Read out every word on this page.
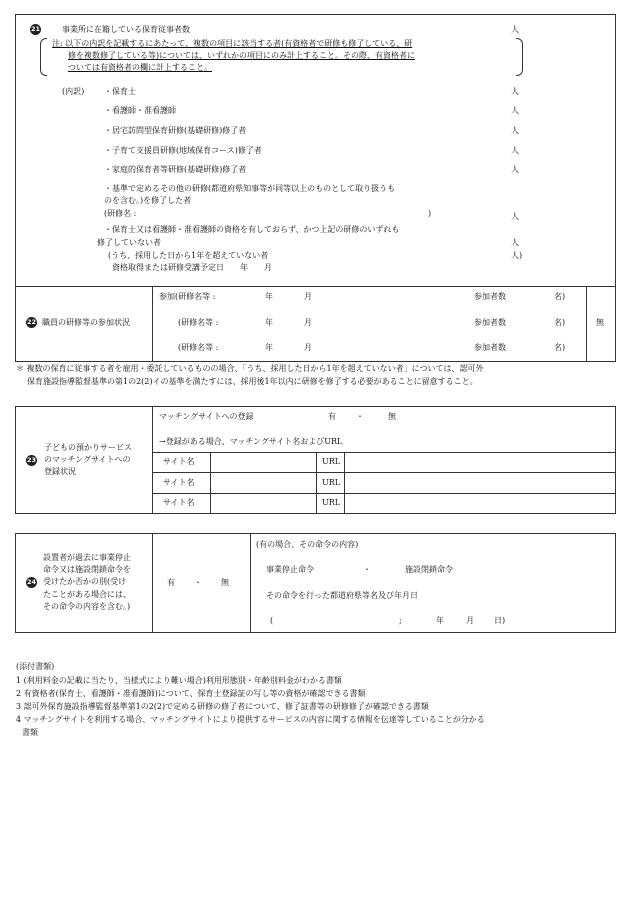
21	事業所に在籍している保育従事者数	人
注: 以下の内訳を記載するにあたって、複数の項目に該当する者(有資格者で研修も修了している、研
修を複数修了している等)については、いずれかの項目にのみ計上すること。その際、有資格者に
ついては有資格者の欄に計上すること。
(内訳) ・保育士	人
・看護師・准看護師	人
・居宅訪問型保育研修(基礎研修)修了者	人
・子育て支援員研修(地域保育コース)修了者	人
・家庭的保育者等研修(基礎研修)修了者	人
・基準で定めるその他の研修(都道府県知事等が同等以上のものとして取り扱うも
のを含む。)を修了した者
(研修名 :	)	人
・保育士又は看護師・准看護師の資格を有しておらず、かつ上記の研修のいずれも
修了していない者	人
(うち、採用した日から1年を超えていない者	人)
資格取得または研修受講予定日　　年　　月
22 職員の研修等の参加状況
参加(研修名等 :	年	月	参加者数	名)
(研修名等 :	年	月	参加者数	名)
(研修名等 :	年	月	参加者数	名)
無
＊ 複数の保育に従事する者を雇用・委託しているものの場合、「うち、採用した日から1年を超えていない者」については、認可外
保育施設指導監督基準の第1の2(2)イの基準を満たすには、採用後1年以内に研修を修了する必要があることに留意すること。
23
子どもの預かりサービス
のマッチングサイトへの
登録状況
マッチングサイトへの登録	有	・	無
→登録がある場合、マッチングサイト名およびURL
サイト名	URL
サイト名	URL
サイト名	URL
24
設置者が過去に事業停止
命令又は施設閉鎖命令を
受けたか否かの別(受け
たことがある場合には、
その命令の内容を含む。)
有 ・ 無
(有の場合、その命令の内容)
事業停止命令	・	施設閉鎖命令
その命令を行った都道府県等名及び年月日
(	;	年	月	日)
(添付書類)
1 (利用料金の記載に当たり、当様式により難い場合)利用形態別・年齢別料金がわかる書類
2 有資格者(保育士、看護師・准看護師)について、保育士登録証の写し等の資格が確認できる書類
3 認可外保育施設指導監督基準第1の2(2)で定める研修の修了者について、修了証書等の研修修了が確認できる書類
4 マッチングサイトを利用する場合、マッチングサイトにより提供するサービスの内容に関する情報を伝達等していることが分かる
書類
